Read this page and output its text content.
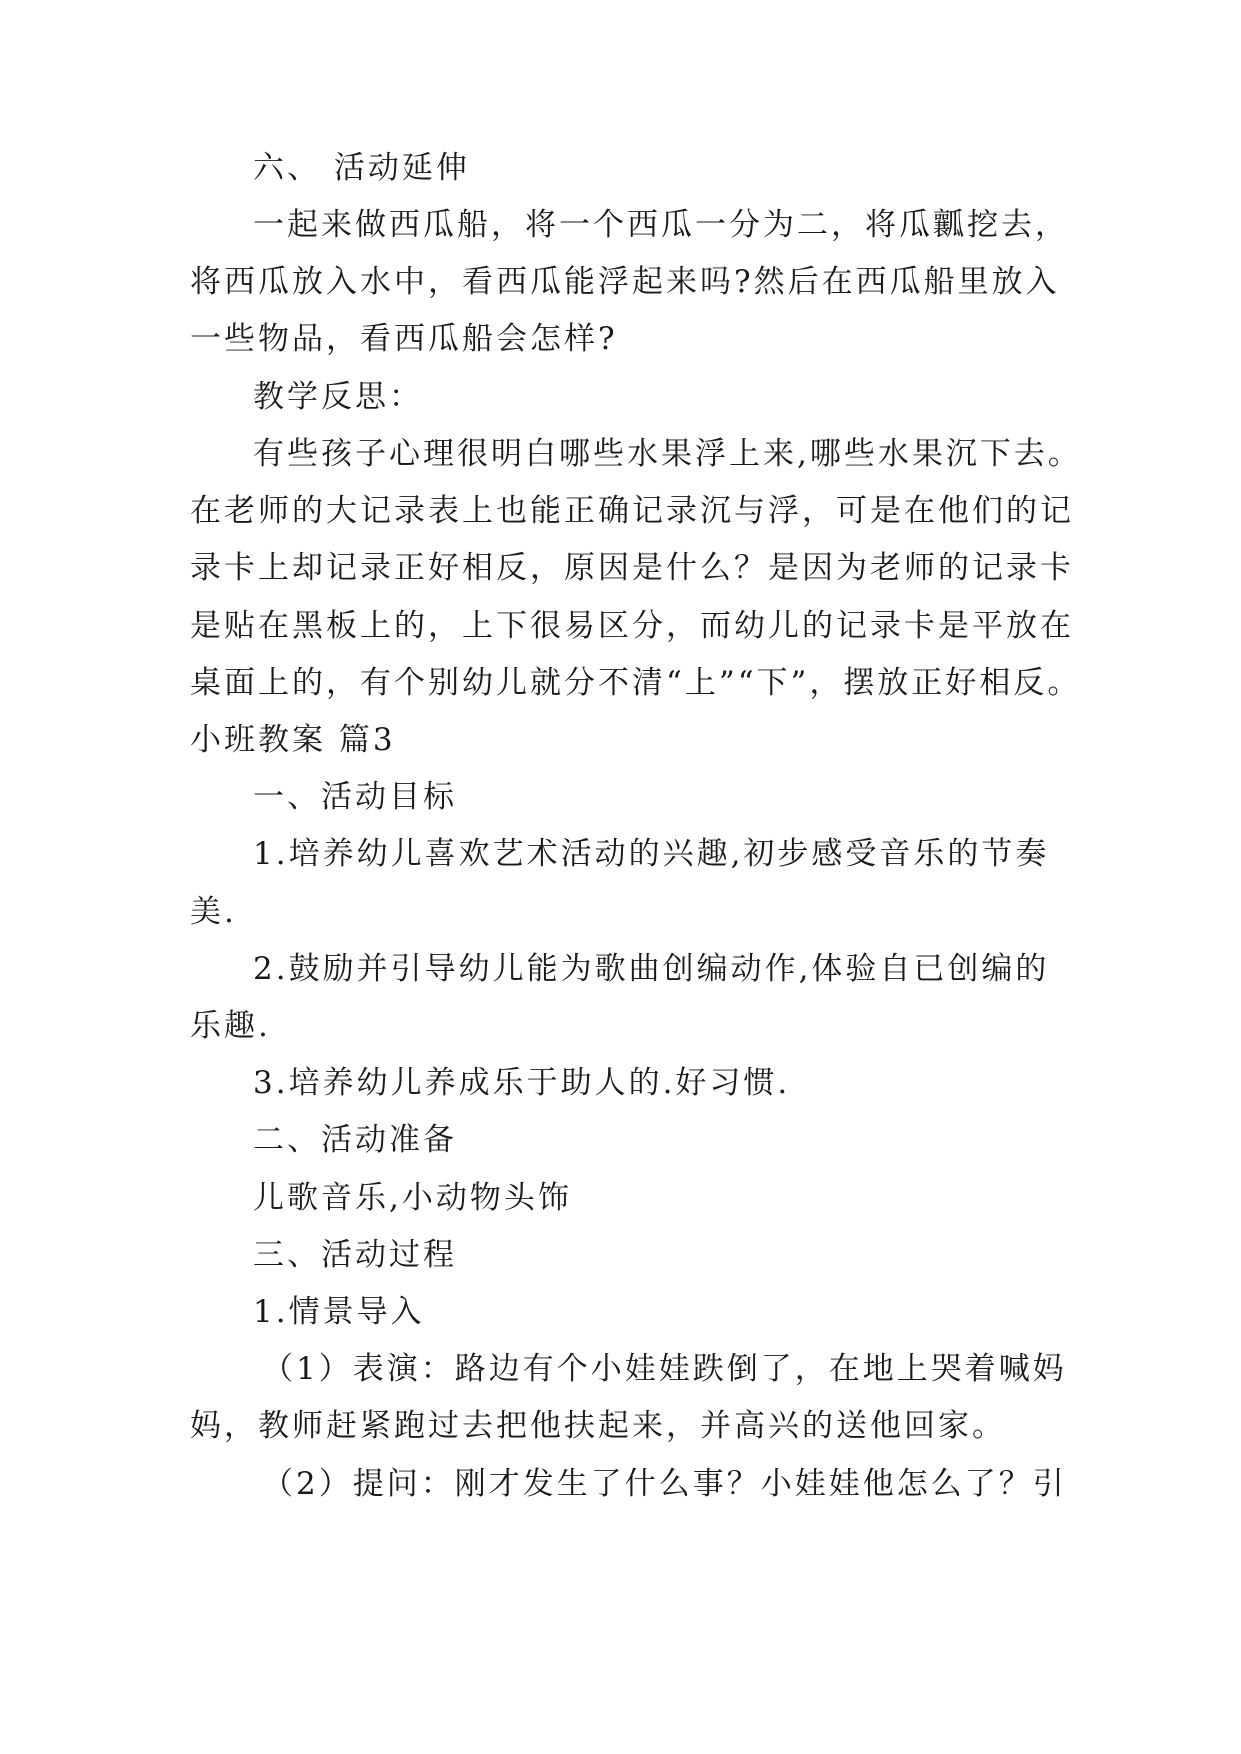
六、 活动延伸
一起来做西瓜船，将一个西瓜一分为二，将瓜瓤挖去，
将西瓜放入水中，看西瓜能浮起来吗?然后在西瓜船里放入
一些物品，看西瓜船会怎样?
教学反思：
有些孩子心理很明白哪些水果浮上来,哪些水果沉下去。
在老师的大记录表上也能正确记录沉与浮，可是在他们的记
录卡上却记录正好相反，原因是什么？是因为老师的记录卡
是贴在黑板上的，上下很易区分，而幼儿的记录卡是平放在
桌面上的，有个别幼儿就分不清“上”“下”，摆放正好相反。
小班教案 篇3
一、活动目标
1.培养幼儿喜欢艺术活动的兴趣,初步感受音乐的节奏
美.
2.鼓励并引导幼儿能为歌曲创编动作,体验自已创编的
乐趣.
3.培养幼儿养成乐于助人的.好习惯.
二、活动准备
儿歌音乐,小动物头饰
三、活动过程
1.情景导入
（1）表演：路边有个小娃娃跌倒了，在地上哭着喊妈
妈，教师赶紧跑过去把他扶起来，并高兴的送他回家。
（2）提问：刚才发生了什么事？小娃娃他怎么了？引
